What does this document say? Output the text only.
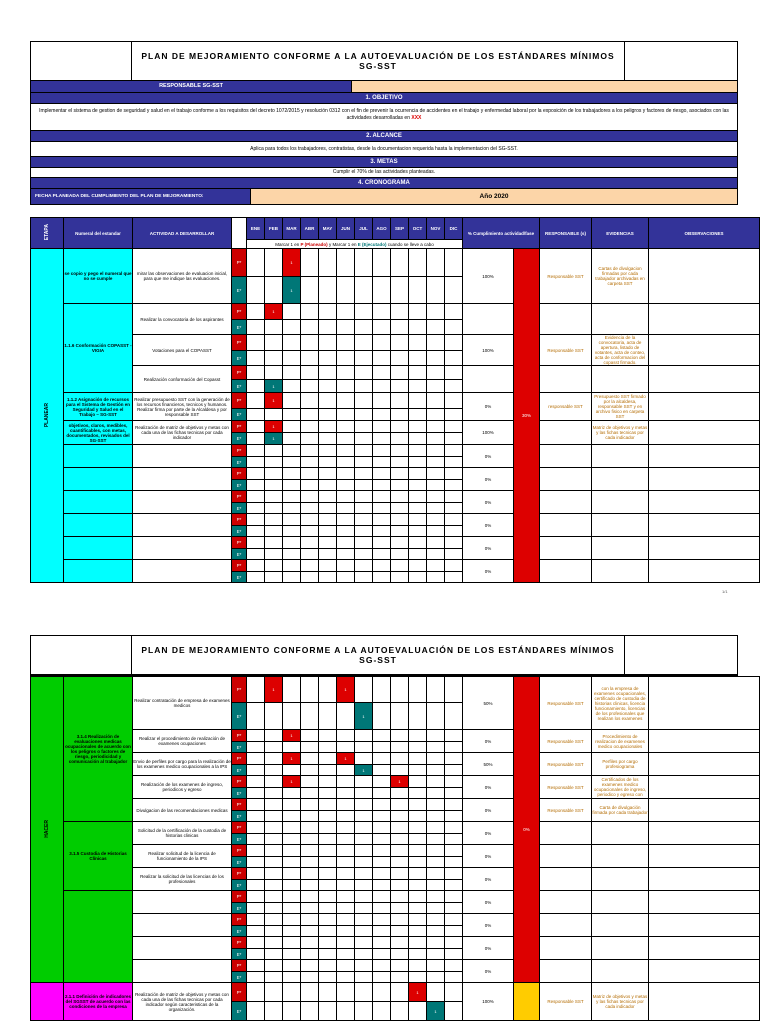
PLAN DE MEJORAMIENTO CONFORME A LA AUTOEVALUACIÓN DE LOS ESTÁNDARES MÍNIMOS SG-SST
RESPONSABLE SG-SST
1. OBJETIVO
Implementar el sistema de gestion de seguridad y salud en el trabajo conforme a los requisitos del decreto 1072/2015 y resolución 0312 con el fin de prevenir la ocurrencia de accidentes en el trabajo y enfermedad laboral por la exposición de los trabajadores a los peligros y factores de riesgo, asociados con las actividades desarrolladas en XXX
2. ALCANCE
Aplica para todos los trabajadores, contratistas, desde la documentacion requerida hasta la implementacion del SG-SST.
3. METAS
Cumplir el 70% de las actividades planteadas.
4. CRONOGRAMA
FECHA PLANEADA DEL CUMPLIMIENTO DEL PLAN DE MEJORAMIENTO:	Año 2020
ETAPA	Numeral del estandar	ACTIVIDAD A DESARROLLAR		ENE	FEB	MAR	ABR	MAY	JUN	JUL	AGO	SEP	OCT	NOV	DIC	% Cumplimiento actividad/fase		RESPONSABLE (s)	EVIDENCIAS	OBSERVACIONES
				Marcar 1 en P (Planeado) y Marcar 1 en E (Ejecutado) cuando se lleve a cabo																
PLANEAR	se copio y pego el numeral que no se cumple	mirar las observaciones de evaluacion inicial, para que me indique las evaluaciones.	P*			1										100%	30%	Responsable SST	Cartas de divulgacion firmadas por cada trabajador archivadas en carpeta SST	
			E*			1														
	1.1.6 Conformación COPASST - VIGIA	Realizar la convocatoria de los aspirantes	P*		1															
			E*																	
		Votaciones para el COPASST	P*													100%		Responsable SST	Evidencia de la convocatoria, acta de apertura, listado de votantes, acta de conteo, acta de conformacion del copasst firmado.	
			E*																	
		Realización conformación del Copasst	P*																	
			E*		1															
	1.1.2 Asignación de recursos para el Sistema de Gestión en Seguridad y Salud en el Trabajo – SG-SST	Realizar presupuesto SST con la generación de los recursos financieros, tecnicos y humanos. Realizar firma por parte de la Alcaldesa y por responsable SST	P*		1											0%		responsable SST	Presupuesto SST firmado por la alcaldesa, responsable SST y en archivo fisico en carpeta SST	
			E*																	
	objetivos, claros, medibles, cuantificables, con metas, documentados, revisados del SG-SST	Realización de matriz de objetivos y metas con cada una de las fichas tecnicas por cada indicador	P*		1											100%			Matriz de objetivos y metas y las fichas tecnicas por cada indicador	
			E*		1															
			P*													0%				
			E*																	
			P*													0%				
			E*																	
			P*													0%				
			E*																	
			P*													0%				
			E*																	
			P*													0%				
			E*																	
			P*													0%				
			E*																	
1/1
PLAN DE MEJORAMIENTO CONFORME A LA AUTOEVALUACIÓN DE LOS ESTÁNDARES MÍNIMOS SG-SST
HACER	3.1.4 Realización de evaluaciones medicas ocupacionales de acuerdo con los peligros o factores de riesgo, periodicidad y comunicación al trabajador	Realizar contratación de empresa de examenes medicos	P*		1				1							50%	0%	Responsable SST	con la empresa de examenes ocupacionales, certificado de custodia de historias clinicas, licencia funcionamiento, licencias de los profesionales que realizan los examenes	
			E*							1										
		Realizar el procedimiento de realización de examenes ocupaciones	P*			1										0%		Responsable SST	Procedimiento de realizacion de examenes medico ocupacionales	
			E*																	
		Envio de perfiles por cargo para la realización de los examenes medico ocupacionales a la IPS	P*			1			1							50%		Responsable SST	Perfiles por cargo profesiograma	
			E*							1										
		Realización de los examenes de ingreso, periodicos y egreso	P*			1						1				0%		Responsable SST	Certificados de los examenes medico ocupacionales de ingreso, periodico y egreso con	
			E*																	
		Divulgacion de las recomendaciones medicas	P*													0%		Responsable SST	Carta de divulgación firmada por cada trabajador	
			E*																	
	3.1.5 Custodia de Historias Clínicas	Solicitud de la certificación de la custodia de historias clinicas	P*													0%				
			E*																	
		Realizar solicitud de la licencia de funcionamiento de la IPS	P*													0%				
			E*																	
		Realizar la solicitud de las licencias de los profesionales	P*													0%				
			E*																	
			P*													0%				
			E*																	
			P*													0%				
			E*																	
			P*													0%				
			E*																	
			P*													0%				
			E*																	
	2.1.1 Definición de indicadores del SGSST de acuerdo con las condiciones de la empresa	Realización de matriz de objetivos y metas con cada una de las fichas tecnicas por cada indicador según caracteristicas de la organización.	P*										1			100%		Responsable SST	Matriz de objetivos y metas y las fichas tecnicas por cada indicador	
			E*											1						
